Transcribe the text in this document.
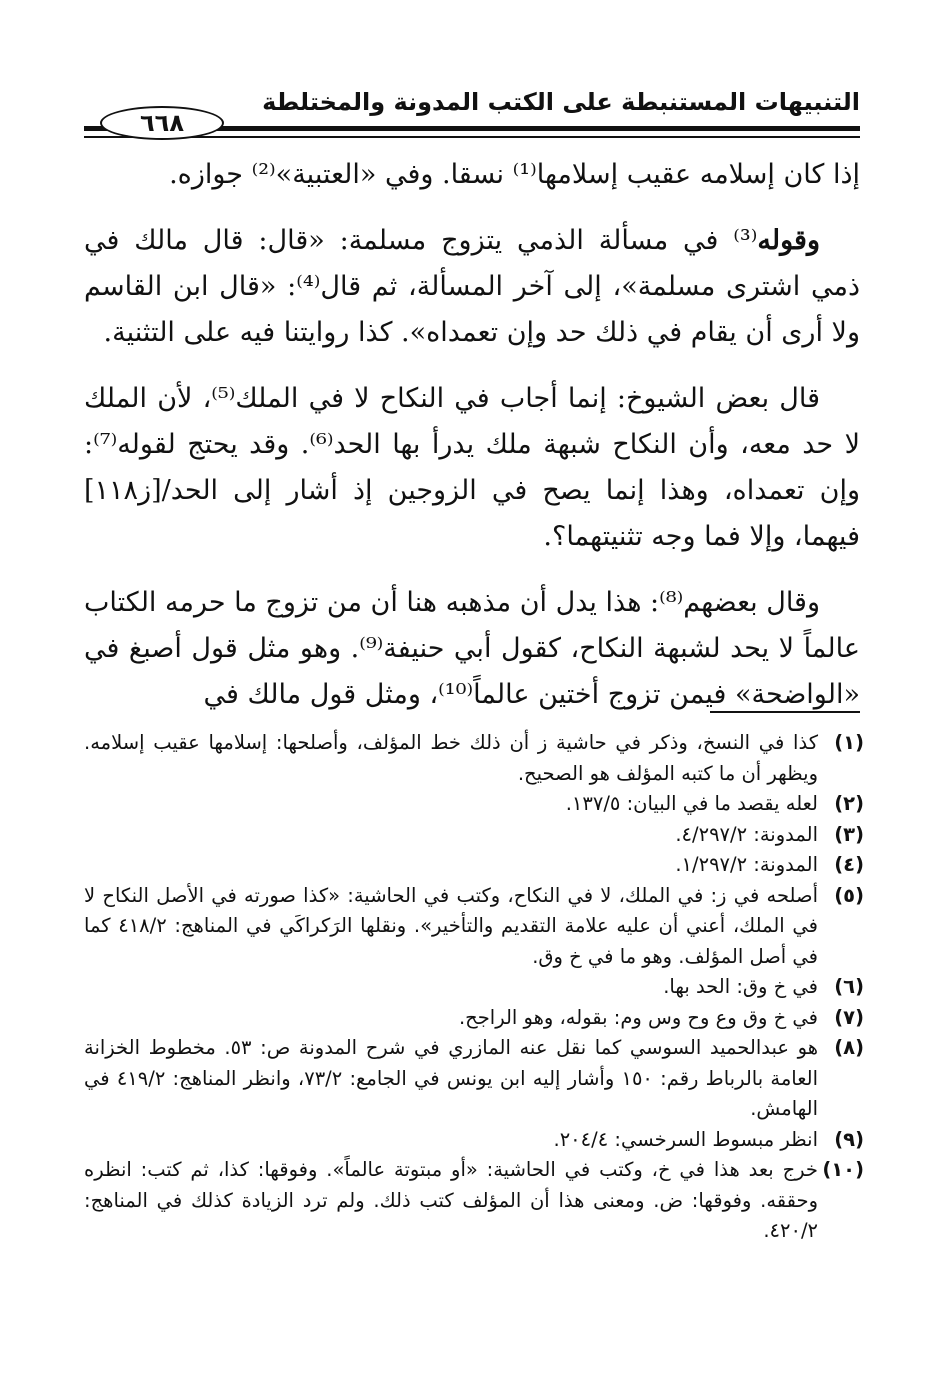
التنبيهات المستنبطة على الكتب المدونة والمختلطة
٦٦٨

إذا كان إسلامه عقيب إسلامها⁽¹⁾ نسقا. وفي «العتبية»⁽²⁾ جوازه.

وقوله⁽³⁾ في مسألة الذمي يتزوج مسلمة: «قال: قال مالك في ذمي اشترى مسلمة»، إلى آخر المسألة، ثم قال⁽⁴⁾: «قال ابن القاسم ولا أرى أن يقام في ذلك حد وإن تعمداه». كذا روايتنا فيه على التثنية.

قال بعض الشيوخ: إنما أجاب في النكاح لا في الملك⁽⁵⁾، لأن الملك لا حد معه، وأن النكاح شبهة ملك يدرأ بها الحد⁽⁶⁾. وقد يحتج لقوله⁽⁷⁾: وإن تعمداه، وهذا إنما يصح في الزوجين إذ أشار إلى الحد/[ز١١٨] فيهما، وإلا فما وجه تثنيتهما؟.

وقال بعضهم⁽⁸⁾: هذا يدل أن مذهبه هنا أن من تزوج ما حرمه الكتاب عالماً لا يحد لشبهة النكاح، كقول أبي حنيفة⁽⁹⁾. وهو مثل قول أصبغ في «الواضحة» فيمن تزوج أختين عالماً⁽¹⁰⁾، ومثل قول مالك في

(١)
كذا في النسخ، وذكر في حاشية ز أن ذلك خط المؤلف، وأصلحها: إسلامها عقيب إسلامه. ويظهر أن ما كتبه المؤلف هو الصحيح.
(٢)
لعله يقصد ما في البيان: ١٣٧/٥.
(٣)
المدونة: ٤/٢٩٧/٢.
(٤)
المدونة: ١/٢٩٧/٢.
(٥)
أصلحه في ز: في الملك، لا في النكاح، وكتب في الحاشية: «كذا صورته في الأصل النكاح لا في الملك، أعني أن عليه علامة التقديم والتأخير». ونقلها الرَكراكَي في المناهج: ٤١٨/٢ كما في أصل المؤلف. وهو ما في خ وق.
(٦)
في خ وق: الحد بها.
(٧)
في خ وق وع وح وس وم: بقوله، وهو الراجح.
(٨)
هو عبدالحميد السوسي كما نقل عنه المازري في شرح المدونة ص: ٥٣. مخطوط الخزانة العامة بالرباط رقم: ١٥٠ وأشار إليه ابن يونس في الجامع: ٧٣/٢، وانظر المناهج: ٤١٩/٢ في الهامش.
(٩)
انظر مبسوط السرخسي: ٢٠٤/٤.
(١٠)
خرج بعد هذا في خ، وكتب في الحاشية: «أو مبتوتة عالماً». وفوقها: كذا، ثم كتب: انظره وحققه. وفوقها: ض. ومعنى هذا أن المؤلف كتب ذلك. ولم ترد الزيادة كذلك في المناهج: ٤٢٠/٢.
